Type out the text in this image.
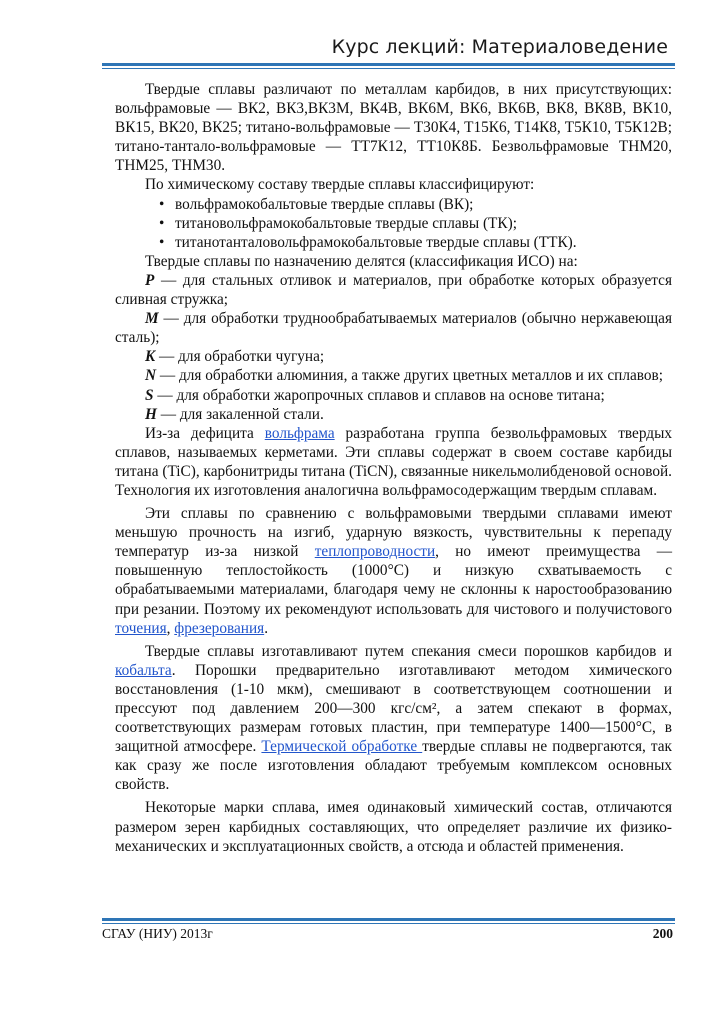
Курс лекций: Материаловедение

Твердые сплавы различают по металлам карбидов, в них присутствующих: вольфрамовые — ВК2, ВК3,ВК3М, ВК4В, ВК6М, ВК6, ВК6В, ВК8, ВК8В, ВК10, ВК15, ВК20, ВК25; титано-вольфрамовые — Т30К4, Т15К6, Т14К8, Т5К10, Т5К12В; титано-тантало-вольфрамовые — ТТ7К12, ТТ10К8Б. Безвольфрамовые ТНМ20, ТНМ25, ТНМ30.

По химическому составу твердые сплавы классифицируют:

• вольфрамокобальтовые твердые сплавы (ВК);
• титановольфрамокобальтовые твердые сплавы (ТК);
• титанотанталовольфрамокобальтовые твердые сплавы (ТТК).

Твердые сплавы по назначению делятся (классификация ИСО) на:

P — для стальных отливок и материалов, при обработке которых образуется сливная стружка;

M — для обработки труднообрабатываемых материалов (обычно нержавеющая сталь);

K — для обработки чугуна;

N — для обработки алюминия, а также других цветных металлов и их сплавов;

S — для обработки жаропрочных сплавов и сплавов на основе титана;

H — для закаленной стали.

Из-за дефицита вольфрама разработана группа безвольфрамовых твердых сплавов, называемых керметами. Эти сплавы содержат в своем составе карбиды титана (TiC), карбонитриды титана (TiCN), связанные никельмолибденовой основой. Технология их изготовления аналогична вольфрамосодержащим твердым сплавам.

Эти сплавы по сравнению с вольфрамовыми твердыми сплавами имеют меньшую прочность на изгиб, ударную вязкость, чувствительны к перепаду температур из-за низкой теплопроводности, но имеют преимущества — повышенную теплостойкость (1000°С) и низкую схватываемость с обрабатываемыми материалами, благодаря чему не склонны к наростообразованию при резании. Поэтому их рекомендуют использовать для чистового и получистового точения, фрезерования.

Твердые сплавы изготавливают путем спекания смеси порошков карбидов и кобальта. Порошки предварительно изготавливают методом химического восстановления (1-10 мкм), смешивают в соответствующем соотношении и прессуют под давлением 200—300 кгс/см², а затем спекают в формах, соответствующих размерам готовых пластин, при температуре 1400—1500°С, в защитной атмосфере. Термической обработке твердые сплавы не подвергаются, так как сразу же после изготовления обладают требуемым комплексом основных свойств.

Некоторые марки сплава, имея одинаковый химический состав, отличаются размером зерен карбидных составляющих, что определяет различие их физико-механических и эксплуатационных свойств, а отсюда и областей применения.

СГАУ (НИУ) 2013г	200
